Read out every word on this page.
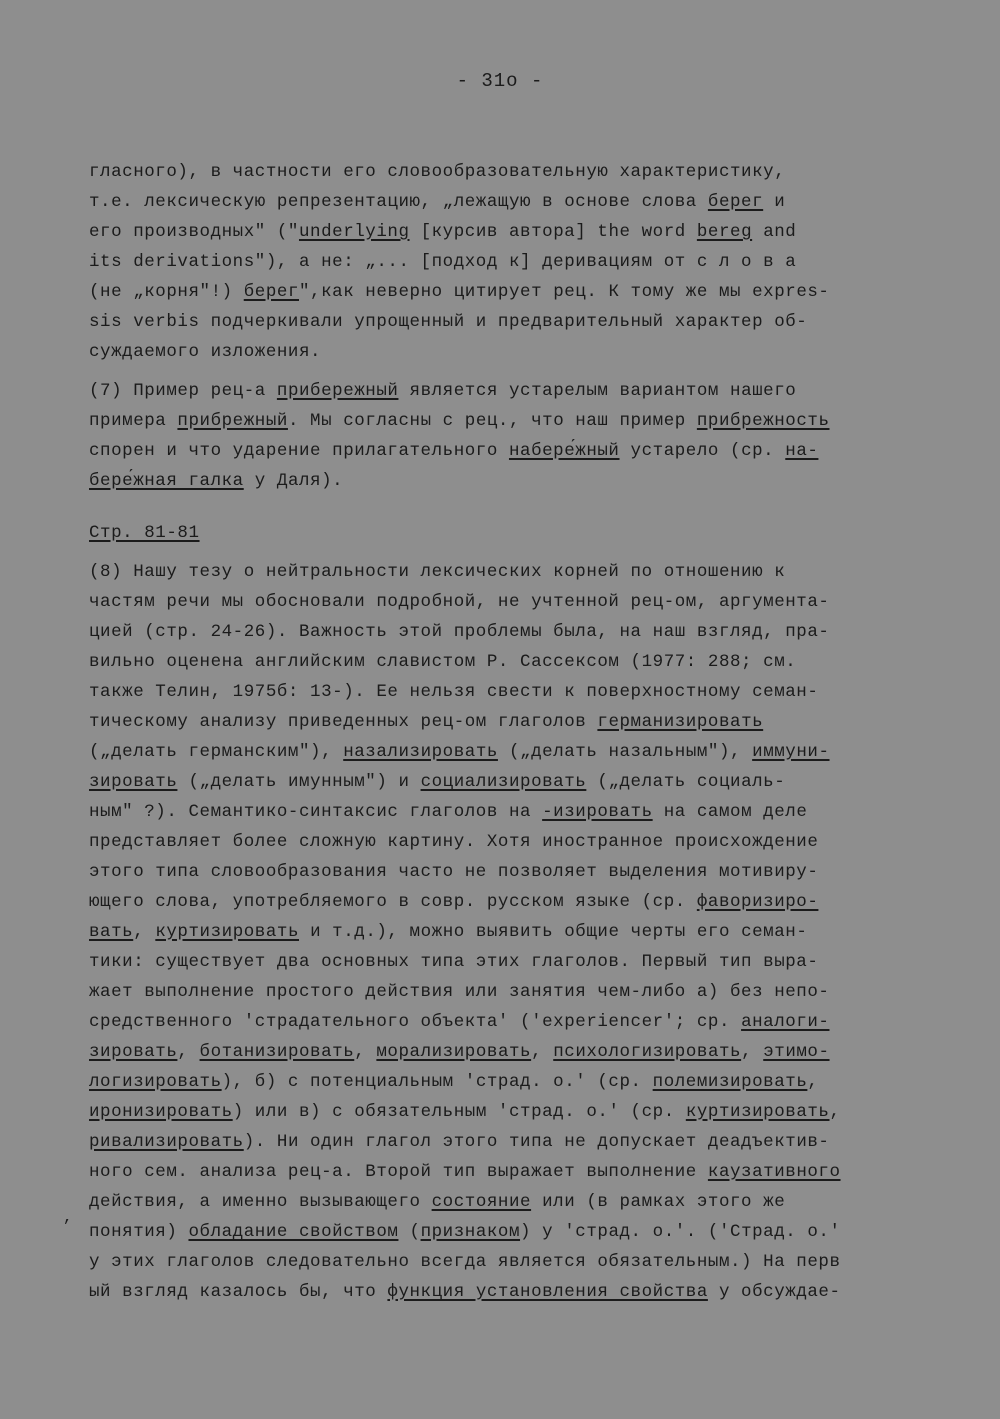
- 31o -
,
гласного), в частности его словообразовательную характеристику,
т.е. лексическую репрезентацию, „лежащую в основе слова берег и
его производных" ("underlying [курсив автора] the word bereg and
its derivations"), а не: „... [подход к] деривациям от с л о в а
(не „корня"!) берег",как неверно цитирует рец. К тому же мы expres-
sis verbis подчеркивали упрощенный и предварительный характер об-
суждаемого изложения.
(7) Пример рец-а прибережный является устарелым вариантом нашего
примера прибрежный. Мы согласны с рец., что наш пример прибрежность
спорен и что ударение прилагательного набере́жный устарело (ср. на-
бере́жная галка у Даля).
Стр. 81-81
(8) Нашу тезу о нейтральности лексических корней по отношению к
частям речи мы обосновали подробной, не учтенной рец-ом, аргумента-
цией (стр. 24-26). Важность этой проблемы была, на наш взгляд, пра-
вильно оценена английским славистом Р. Сассексом (1977: 288; см.
также Телин, 1975б: 13-). Ее нельзя свести к поверхностному семан-
тическому анализу приведенных рец-ом глаголов германизировать
(„делать германским"), назализировать („делать назальным"), иммуни-
зировать („делать имунным") и социализировать („делать социаль-
ным" ?). Семантико-синтаксис глаголов на -изировать на самом деле
представляет более сложную картину. Хотя иностранное происхождение
этого типа словообразования часто не позволяет выделения мотивиру-
ющего слова, употребляемого в совр. русском языке (ср. фаворизиро-
вать, куртизировать и т.д.), можно выявить общие черты его семан-
тики: существует два основных типа этих глаголов. Первый тип выра-
жает выполнение простого действия или занятия чем-либо а) без непо-
средственного 'страдательного объекта' ('experiencer'; ср. аналоги-
зировать, ботанизировать, морализировать, психологизировать, этимо-
логизировать), б) с потенциальным 'страд. о.' (ср. полемизировать,
иронизировать) или в) с обязательным 'страд. о.' (ср. куртизировать,
ривализировать). Ни один глагол этого типа не допускает деадъектив-
ного сем. анализа рец-а. Второй тип выражает выполнение каузативного
действия, а именно вызывающего состояние или (в рамках этого же
понятия) обладание свойством (признаком) у 'страд. о.'. ('Страд. о.'
у этих глаголов следовательно всегда является обязательным.) На перв
ый взгляд казалось бы, что функция установления свойства у обсуждае-
